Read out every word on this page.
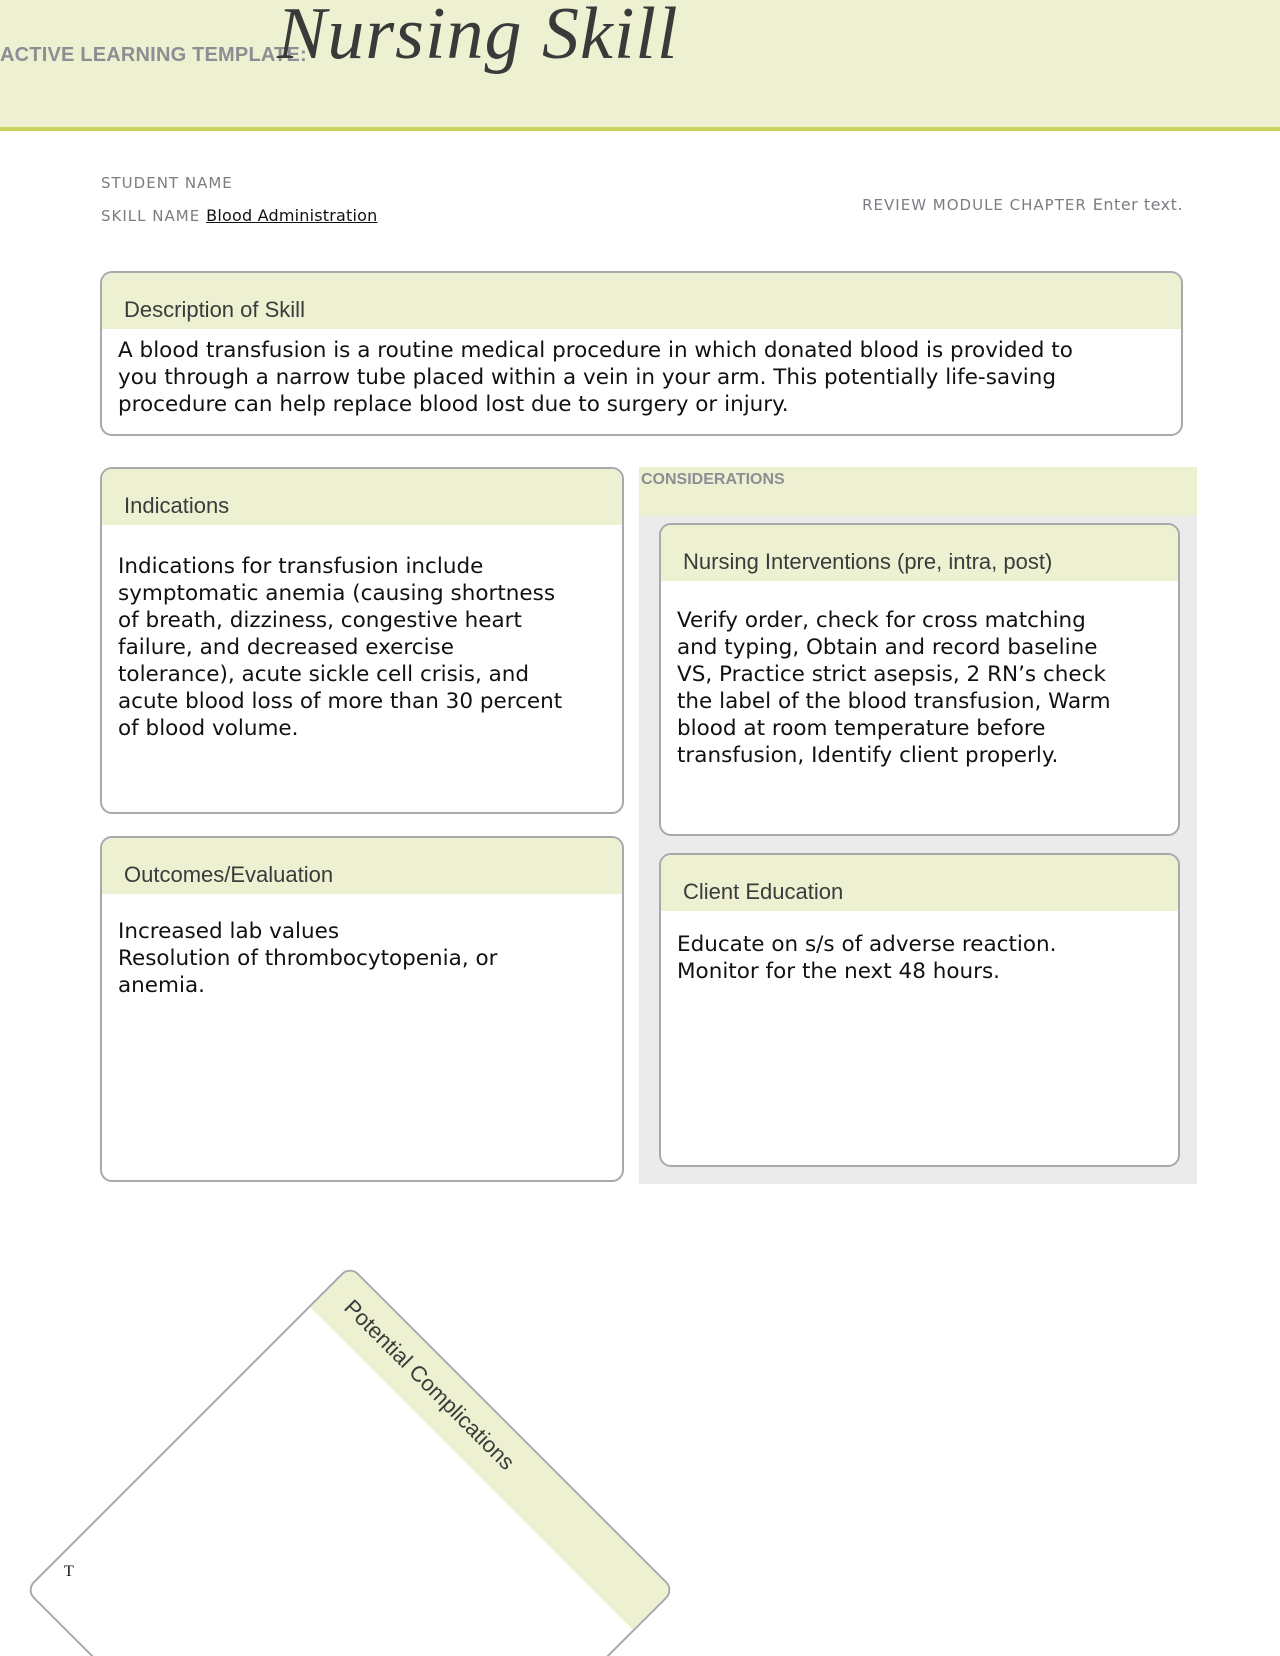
ACTIVE LEARNING TEMPLATE:
Nursing Skill
STUDENT NAME
SKILL NAME Blood Administration
REVIEW MODULE CHAPTER Enter text.
Description of Skill
A blood transfusion is a routine medical procedure in which donated blood is provided to
you through a narrow tube placed within a vein in your arm. This potentially life-saving
procedure can help replace blood lost due to surgery or injury.
Indications
Indications for transfusion include
symptomatic anemia (causing shortness
of breath, dizziness, congestive heart
failure, and decreased exercise
tolerance), acute sickle cell crisis, and
acute blood loss of more than 30 percent
of blood volume.
Outcomes/Evaluation
Increased lab values
Resolution of thrombocytopenia, or
anemia.
CONSIDERATIONS
Nursing Interventions (pre, intra, post)
Verify order, check for cross matching
and typing, Obtain and record baseline
VS, Practice strict asepsis, 2 RN’s check
the label of the blood transfusion, Warm
blood at room temperature before
transfusion, Identify client properly.
Client Education
Educate on s/s of adverse reaction.
Monitor for the next 48 hours.
Potential Complications
T
